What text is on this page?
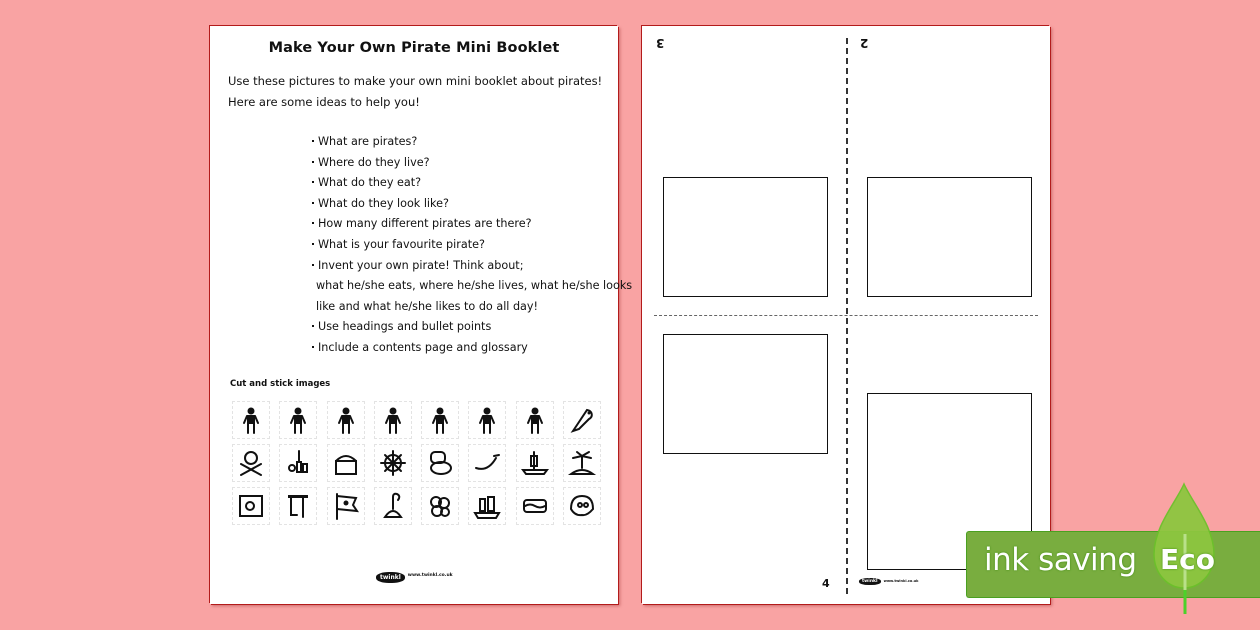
Make Your Own Pirate Mini Booklet
Use these pictures to make your own mini booklet about pirates!
Here are some ideas to help you!
What are pirates?
Where do they live?
What do they eat?
What do they look like?
How many different pirates are there?
What is your favourite pirate?
Invent your own pirate! Think about;
what he/she eats, where he/she lives, what he/she looks
like and what he/she likes to do all day!
Use headings and bullet points
Include a contents page and glossary
Cut and stick images
twinkl	www.twinkl.co.uk

3	2
4	twinkl	www.twinkl.co.uk
ink saving Eco
